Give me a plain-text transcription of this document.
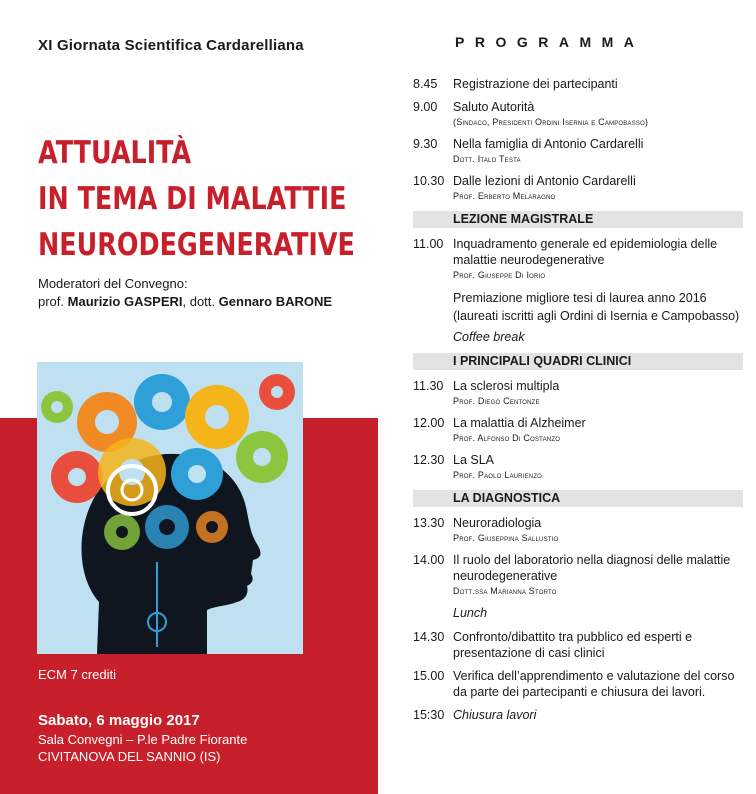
XI Giornata Scientifica Cardarelliana
ATTUALITÀ
IN TEMA DI MALATTIE
NEURODEGENERATIVE
Moderatori del Convegno:
prof. Maurizio GASPERI, dott. Gennaro BARONE
ECM 7 crediti
Sabato, 6 maggio 2017
Sala Convegni – P.le Padre Fiorante
CIVITANOVA DEL SANNIO (IS)
PROGRAMMA
8.45	Registrazione dei partecipanti
9.00	Saluto Autorità
(Sindaco, Presidenti Ordini Isernia e Campobasso)
9.30	Nella famiglia di Antonio Cardarelli
Dott. Italo Testa
10.30 Dalle lezioni di Antonio Cardarelli
Prof. Erberto Melaragno
LEZIONE MAGISTRALE
11.00 Inquadramento generale ed epidemiologia delle malattie neurodegenerative
Prof. Giuseppe Di Iorio
Premiazione migliore tesi di laurea anno 2016 (laureati iscritti agli Ordini di Isernia e Campobasso)
Coffee break
I PRINCIPALI QUADRI CLINICI
11.30 La sclerosi multipla
Prof. Diego Centonze
12.00 La malattia di Alzheimer
Prof. Alfonso Di Costanzo
12.30 La SLA
Prof. Paolo Laurienzo
LA DIAGNOSTICA
13.30 Neuroradiologia
Prof. Giuseppina Sallustio
14.00 Il ruolo del laboratorio nella diagnosi delle malattie neurodegenerative
Dott.ssa Marianna Storto
Lunch
14.30 Confronto/dibattito tra pubblico ed esperti e presentazione di casi clinici
15.00 Verifica dell’apprendimento e valutazione del corso da parte dei partecipanti e chiusura dei lavori.
15:30 Chiusura lavori
